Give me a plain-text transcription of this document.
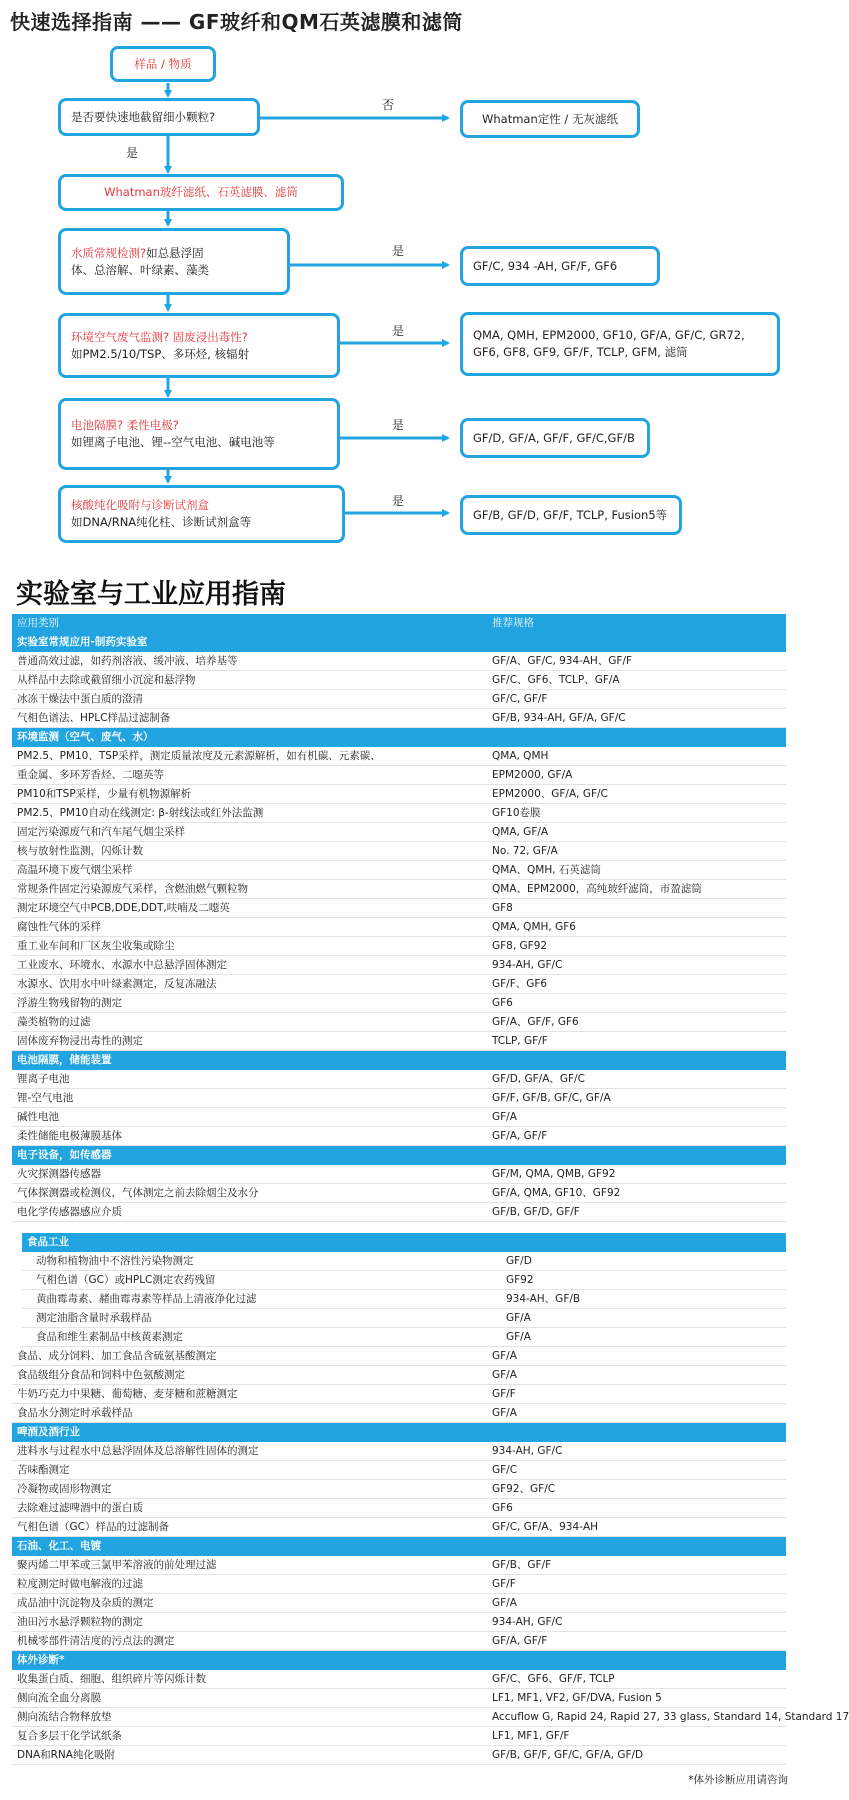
快速选择指南 —— GF玻纤和QM石英滤膜和滤筒
样品 / 物质
是否要快速地截留细小颗粒?
否
Whatman定性 / 无灰滤纸
是
Whatman玻纤滤纸、石英滤膜、滤筒
水质常规检测?如总悬浮固
体、总溶解、叶绿素、藻类
是
GF/C, 934 -AH, GF/F, GF6
环境空气废气监测? 固废浸出毒性?
如PM2.5/10/TSP、多环烃, 核辐射
是	QMA, QMH, EPM2000, GF10, GF/A, GF/C, GR72, GF6, GF8, GF9, GF/F, TCLP, GFM, 滤筒
电池隔膜? 柔性电极?
如锂离子电池、锂--空气电池、碱电池等
是
GF/D, GF/A, GF/F, GF/C,GF/B
核酸纯化吸附与诊断试剂盒
如DNA/RNA纯化柱、诊断试剂盒等
是
GF/B, GF/D, GF/F, TCLP, Fusion5等
实验室与工业应用指南
应用类别	推荐规格
实验室常规应用-制药实验室
普通高效过滤，如药剂溶液、缓冲液、培养基等	GF/A、GF/C, 934-AH、GF/F
从样品中去除或截留细小沉淀和悬浮物	GF/C、GF6、TCLP、GF/A
冰冻干燥法中蛋白质的澄清	GF/C, GF/F
气相色谱法、HPLC样品过滤制备	GF/B, 934-AH, GF/A, GF/C
环境监测（空气、废气、水）
PM2.5、PM10、TSP采样，测定质量浓度及元素源解析，如有机碳、元素碳、	QMA, QMH
重金属、多环芳香烃、二噁英等	EPM2000, GF/A
PM10和TSP采样，少量有机物源解析	EPM2000、GF/A, GF/C
PM2.5、PM10自动在线测定: β-射线法或红外法监测	GF10卷膜
固定污染源废气和汽车尾气烟尘采样	QMA, GF/A
核与放射性监测，闪烁计数	No. 72, GF/A
高温环境下废气烟尘采样	QMA、QMH, 石英滤筒
常规条件固定污染源废气采样，含燃油燃气颗粒物	QMA、EPM2000，高纯玻纤滤筒，市盈滤筒
测定环境空气中PCB,DDE,DDT,呋喃及二噁英	GF8
腐蚀性气体的采样	QMA, QMH, GF6
重工业车间和厂区灰尘收集或除尘	GF8, GF92
工业废水、环境水、水源水中总悬浮固体测定	934-AH, GF/C
水源水、饮用水中叶绿素测定，反复冻融法	GF/F、GF6
浮游生物残留物的测定	GF6
藻类植物的过滤	GF/A、GF/F, GF6
固体废弃物浸出毒性的测定	TCLP, GF/F
电池隔膜，储能装置
锂离子电池	GF/D, GF/A、GF/C
锂-空气电池	GF/F, GF/B, GF/C, GF/A
碱性电池	GF/A
柔性储能电极薄膜基体	GF/A, GF/F
电子设备，如传感器
火灾探测器传感器	GF/M, QMA, QMB, GF92
气体探测器或检测仪，气体测定之前去除烟尘及水分	GF/A, QMA, GF10、GF92
电化学传感器感应介质	GF/B, GF/D, GF/F
食品工业
动物和植物油中不溶性污染物测定	GF/D
气相色谱（GC）或HPLC测定农药残留	GF92
黄曲霉毒素、赭曲霉毒素等样品上清液净化过滤	934-AH、GF/B
测定油脂含量时承载样品	GF/A
食品和维生素制品中核黄素测定	GF/A
食品、成分饲料、加工食品含硫氨基酸测定	GF/A
食品级组分食品和饲料中色氨酸测定	GF/A
牛奶巧克力中果糖、葡萄糖、麦芽糖和蔗糖测定	GF/F
食品水分测定时承载样品	GF/A
啤酒及酒行业
进料水与过程水中总悬浮固体及总溶解性固体的测定	934-AH, GF/C
苦味酯测定	GF/C
冷凝物或固形物测定	GF92、GF/C
去除难过滤啤酒中的蛋白质	GF6
气相色谱（GC）样品的过滤制备	GF/C, GF/A、934-AH
石油、化工、电镀
聚丙烯二甲苯或三氯甲苯溶液的前处理过滤	GF/B、GF/F
粒度测定时做电解液的过滤	GF/F
成品油中沉淀物及杂质的测定	GF/A
油田污水悬浮颗粒物的测定	934-AH, GF/C
机械零部件清洁度的污点法的测定	GF/A, GF/F
体外诊断*
收集蛋白质、细胞、组织碎片等闪烁计数	GF/C、GF6、GF/F, TCLP
侧向流全血分离膜	LF1, MF1, VF2, GF/DVA, Fusion 5
侧向流结合物释放垫	Accuflow G, Rapid 24, Rapid 27, 33 glass, Standard 14, Standard 17
复合多层干化学试纸条	LF1, MF1, GF/F
DNA和RNA纯化吸附	GF/B, GF/F, GF/C, GF/A, GF/D
*体外诊断应用请咨询
